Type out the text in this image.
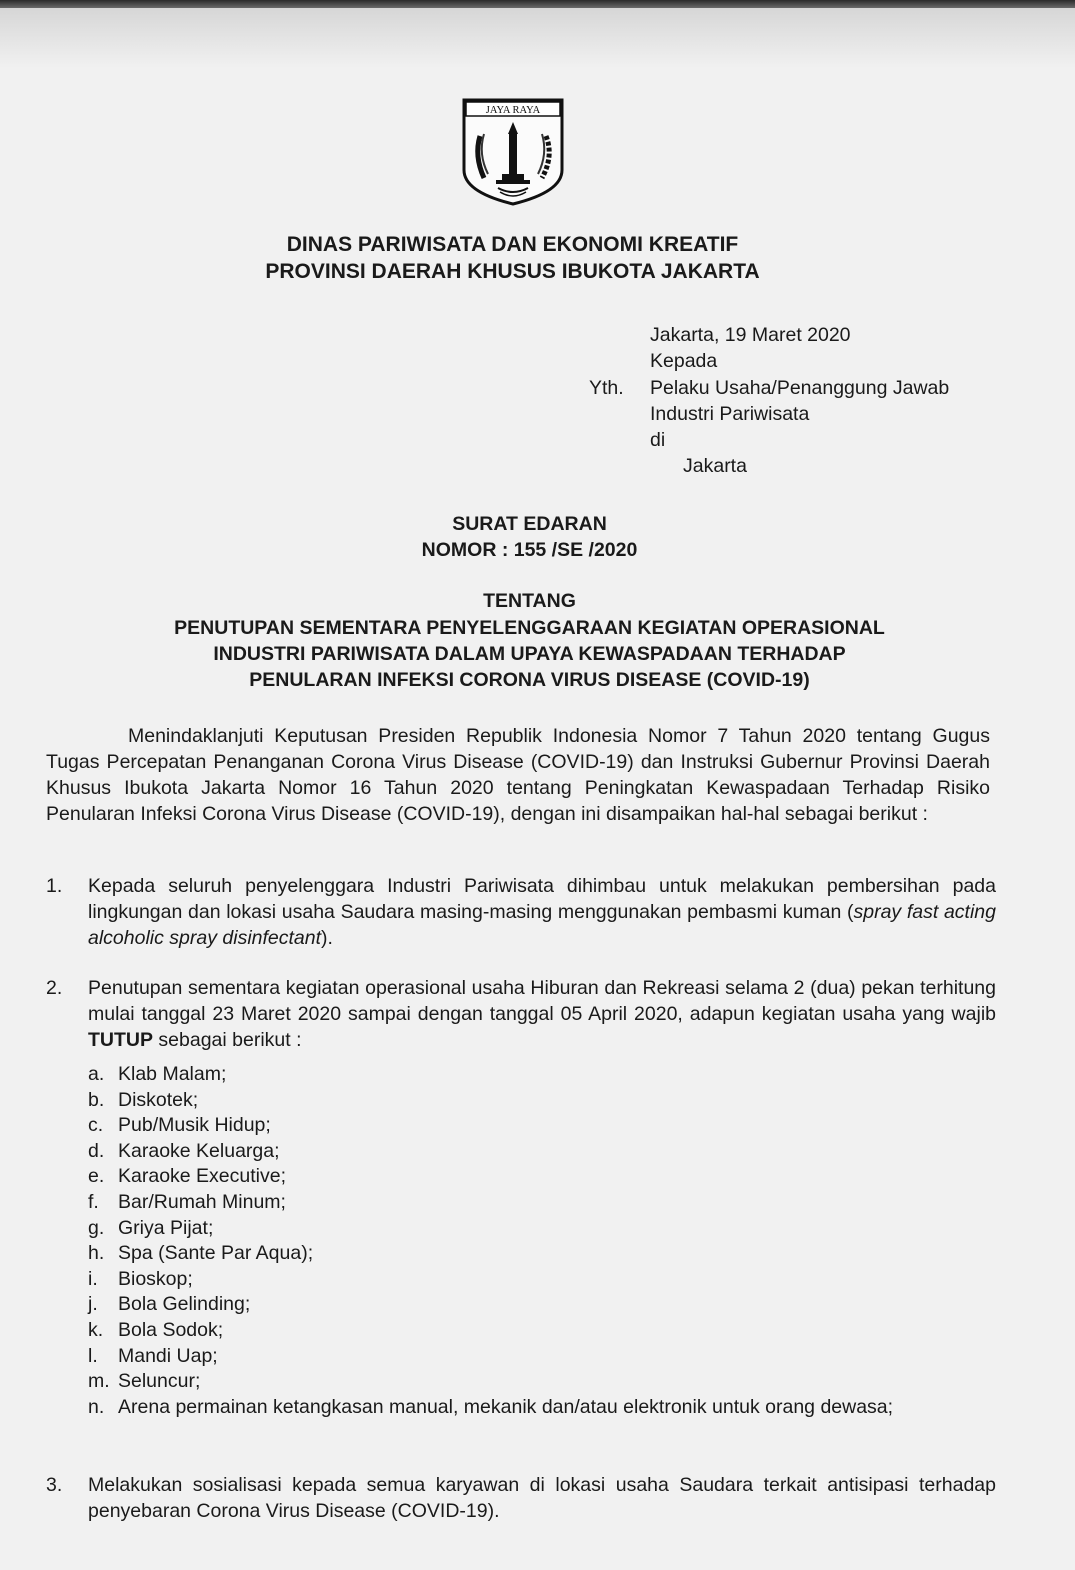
JAYA RAYA
DINAS PARIWISATA DAN EKONOMI KREATIF
PROVINSI DAERAH KHUSUS IBUKOTA JAKARTA
Jakarta, 19 Maret 2020
Kepada
Yth. Pelaku Usaha/Penanggung Jawab
Industri Pariwisata
di
Jakarta
SURAT EDARAN
NOMOR : 155 /SE /2020
TENTANG
PENUTUPAN SEMENTARA PENYELENGGARAAN KEGIATAN OPERASIONAL
INDUSTRI PARIWISATA DALAM UPAYA KEWASPADAAN TERHADAP
PENULARAN INFEKSI CORONA VIRUS DISEASE (COVID-19)
Menindaklanjuti Keputusan Presiden Republik Indonesia Nomor 7 Tahun 2020 tentang Gugus Tugas Percepatan Penanganan Corona Virus Disease (COVID-19) dan Instruksi Gubernur Provinsi Daerah Khusus Ibukota Jakarta Nomor 16 Tahun 2020 tentang Peningkatan Kewaspadaan Terhadap Risiko Penularan Infeksi Corona Virus Disease (COVID-19), dengan ini disampaikan hal-hal sebagai berikut :
1.	Kepada seluruh penyelenggara Industri Pariwisata dihimbau untuk melakukan pembersihan pada lingkungan dan lokasi usaha Saudara masing-masing menggunakan pembasmi kuman (spray fast acting alcoholic spray disinfectant).
2.	Penutupan sementara kegiatan operasional usaha Hiburan dan Rekreasi selama 2 (dua) pekan terhitung mulai tanggal 23 Maret 2020 sampai dengan tanggal 05 April 2020, adapun kegiatan usaha yang wajib TUTUP sebagai berikut :
a. Klab Malam;
b. Diskotek;
c. Pub/Musik Hidup;
d. Karaoke Keluarga;
e. Karaoke Executive;
f. Bar/Rumah Minum;
g. Griya Pijat;
h. Spa (Sante Par Aqua);
i. Bioskop;
j. Bola Gelinding;
k. Bola Sodok;
l. Mandi Uap;
m. Seluncur;
n. Arena permainan ketangkasan manual, mekanik dan/atau elektronik untuk orang dewasa;
3.	Melakukan sosialisasi kepada semua karyawan di lokasi usaha Saudara terkait antisipasi terhadap penyebaran Corona Virus Disease (COVID-19).
